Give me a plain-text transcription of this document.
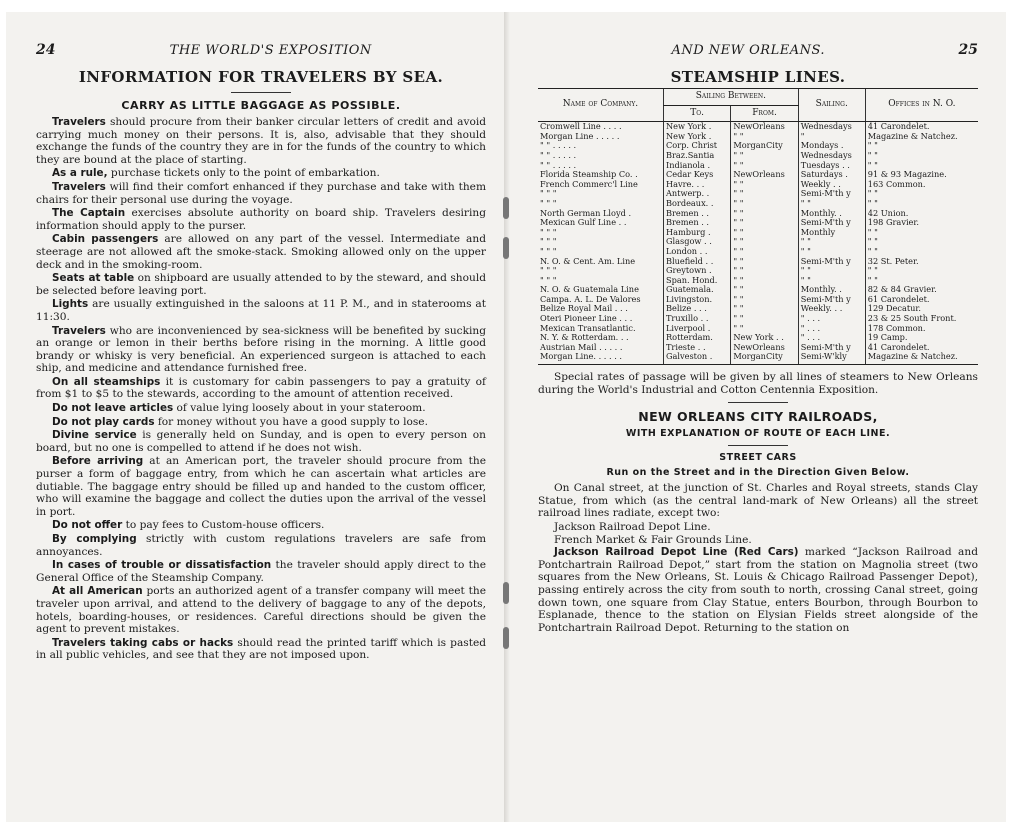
24	THE WORLD'S EXPOSITION
INFORMATION FOR TRAVELERS BY SEA.
CARRY AS LITTLE BAGGAGE AS POSSIBLE.

Travelers should procure from their banker circular letters of credit and avoid carrying much money on their persons. It is, also, advisable that they should exchange the funds of the country they are in for the funds of the country to which they are bound at the place of starting.

As a rule, purchase tickets only to the point of embarkation.

Travelers will find their comfort enhanced if they purchase and take with them chairs for their personal use during the voyage.

The Captain exercises absolute authority on board ship. Travelers desiring information should apply to the purser.

Cabin passengers are allowed on any part of the vessel. Intermediate and steerage are not allowed aft the smoke-stack. Smoking allowed only on the upper deck and in the smoking-room.

Seats at table on shipboard are usually attended to by the steward, and should be selected before leaving port.

Lights are usually extinguished in the saloons at 11 P. M., and in staterooms at 11:30.

Travelers who are inconvenienced by sea-sickness will be benefited by sucking an orange or lemon in their berths before rising in the morning. A little good brandy or whisky is very beneficial. An experienced surgeon is attached to each ship, and medicine and attendance furnished free.

On all steamships it is customary for cabin passengers to pay a gratuity of from $1 to $5 to the stewards, according to the amount of attention received.

Do not leave articles of value lying loosely about in your stateroom.

Do not play cards for money without you have a good supply to lose.

Divine service is generally held on Sunday, and is open to every person on board, but no one is compelled to attend if he does not wish.

Before arriving at an American port, the traveler should procure from the purser a form of baggage entry, from which he can ascertain what articles are dutiable. The baggage entry should be filled up and handed to the custom officer, who will examine the baggage and collect the duties upon the arrival of the vessel in port.

Do not offer to pay fees to Custom-house officers.

By complying strictly with custom regulations travelers are safe from annoyances.

In cases of trouble or dissatisfaction the traveler should apply direct to the General Office of the Steamship Company.

At all American ports an authorized agent of a transfer company will meet the traveler upon arrival, and attend to the delivery of baggage to any of the depots, hotels, boarding-houses, or residences. Careful directions should be given the agent to prevent mistakes.

Travelers taking cabs or hacks should read the printed tariff which is pasted in all public vehicles, and see that they are not imposed upon.

AND NEW ORLEANS.	25
STEAMSHIP LINES.
Name of Company.	Sailing Between.		Sailing.	Offices in N. O.
	To.	From.		
Cromwell Line . . . .	New York .	NewOrleans	Wednesdays	41 Carondelet.
Morgan Line . . . . .	New York .	" "	"	Magazine & Natchez.
" " . . . . .	Corp. Christ	MorganCity	Mondays .	" "
" " . . . . .	Braz.Santia	" "	Wednesdays	" "
" " . . . . .	Indianola .	" "	Tuesdays . .	" "
Florida Steamship Co. .	Cedar Keys	NewOrleans	Saturdays .	91 & 93 Magazine.
French Commerc'l Line	Havre. . .	" "	Weekly . .	163 Common.
" " "	Antwerp. .	" "	Semi-M'th y	" "
" " "	Bordeaux. .	" "	" "	" "
North German Lloyd .	Bremen . .	" "	Monthly. .	42 Union.
Mexican Gulf Line . .	Bremen . .	" "	Semi-M'th y	198 Gravier.
" " "	Hamburg .	" "	Monthly	" "
" " "	Glasgow . .	" "	" "	" "
" " "	London . .	" "	" "	" "
N. O. & Cent. Am. Line	Bluefield . .	" "	Semi-M'th y	32 St. Peter.
" " "	Greytown .	" "	" "	" "
" " "	Span. Hond.	" "	" "	" "
N. O. & Guatemala Line	Guatemala.	" "	Monthly. .	82 & 84 Gravier.
Campa. A. L. De Valores	Livingston.	" "	Semi-M'th y	61 Carondelet.
Belize Royal Mail . . .	Belize . . .	" "	Weekly. . .	129 Decatur.
Oteri Pioneer Line . . .	Truxillo . .	" "	" . . .	23 & 25 South Front.
Mexican Transatlantic.	Liverpool .	" "	" . . .	178 Common.
N. Y. & Rotterdam. . .	Rotterdam.	New York . .	" . . .	19 Camp.
Austrian Mail . . . . .	Trieste . .	NewOrleans	Semi-M'th y	41 Carondelet.
Morgan Line. . . . . .	Galveston .	MorganCity	Semi-W'kly	Magazine & Natchez.

Special rates of passage will be given by all lines of steamers to New Orleans during the World's Industrial and Cotton Centennia Exposition.

NEW ORLEANS CITY RAILROADS,
WITH EXPLANATION OF ROUTE OF EACH LINE.
STREET CARS
Run on the Street and in the Direction Given Below.

On Canal street, at the junction of St. Charles and Royal streets, stands Clay Statue, from which (as the central land-mark of New Orleans) all the street railroad lines radiate, except two:

Jackson Railroad Depot Line.

French Market & Fair Grounds Line.

Jackson Railroad Depot Line (Red Cars) marked “Jackson Railroad and Pontchartrain Railroad Depot,” start from the station on Magnolia street (two squares from the New Orleans, St. Louis & Chicago Railroad Passenger Depot), passing entirely across the city from south to north, crossing Canal street, going down town, one square from Clay Statue, enters Bourbon, through Bourbon to Esplanade, thence to the station on Elysian Fields street alongside of the Pontchartrain Railroad Depot. Returning to the station on
